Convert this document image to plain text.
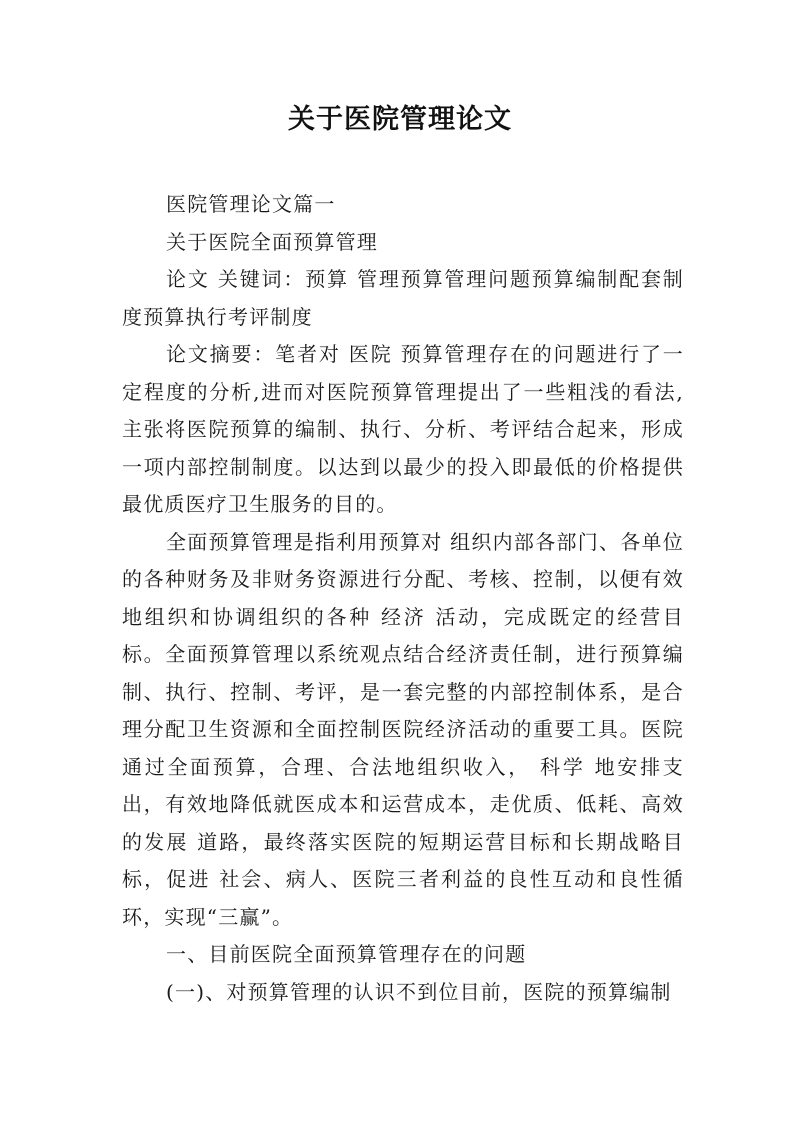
关于医院管理论文

医院管理论文篇一

关于医院全面预算管理

论文 关键词：预算 管理预算管理问题预算编制配套制度预算执行考评制度

论文摘要：笔者对 医院 预算管理存在的问题进行了一定程度的分析,进而对医院预算管理提出了一些粗浅的看法,主张将医院预算的编制、执行、分析、考评结合起来，形成一项内部控制制度。以达到以最少的投入即最低的价格提供最优质医疗卫生服务的目的。

全面预算管理是指利用预算对 组织内部各部门、各单位的各种财务及非财务资源进行分配、考核、控制，以便有效地组织和协调组织的各种 经济 活动，完成既定的经营目标。全面预算管理以系统观点结合经济责任制，进行预算编制、执行、控制、考评，是一套完整的内部控制体系，是合理分配卫生资源和全面控制医院经济活动的重要工具。医院通过全面预算，合理、合法地组织收入， 科学 地安排支出，有效地降低就医成本和运营成本，走优质、低耗、高效的发展 道路，最终落实医院的短期运营目标和长期战略目标，促进 社会、病人、医院三者利益的良性互动和良性循环，实现“三赢”。

一、目前医院全面预算管理存在的问题

(一)、对预算管理的认识不到位目前，医院的预算编制
